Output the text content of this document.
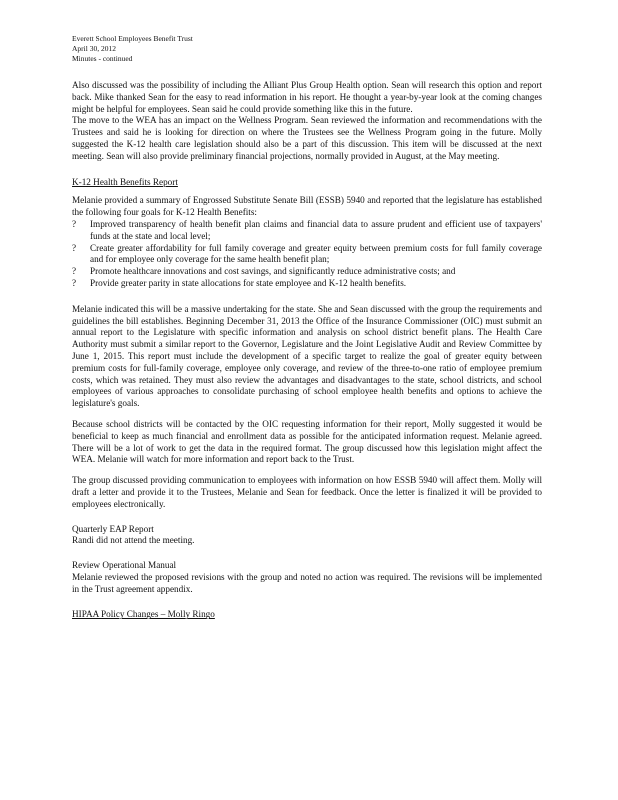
Everett School Employees Benefit Trust
April 30, 2012
Minutes - continued

Also discussed was the possibility of including the Alliant Plus Group Health option. Sean will research this option and report back. Mike thanked Sean for the easy to read information in his report. He thought a year-by-year look at the coming changes might be helpful for employees. Sean said he could provide something like this in the future.

The move to the WEA has an impact on the Wellness Program. Sean reviewed the information and recommendations with the Trustees and said he is looking for direction on where the Trustees see the Wellness Program going in the future. Molly suggested the K-12 health care legislation should also be a part of this discussion. This item will be discussed at the next meeting. Sean will also provide preliminary financial projections, normally provided in August, at the May meeting.

K-12 Health Benefits Report

Melanie provided a summary of Engrossed Substitute Senate Bill (ESSB) 5940 and reported that the legislature has established the following four goals for K-12 Health Benefits:

? Improved transparency of health benefit plan claims and financial data to assure prudent and efficient use of taxpayers' funds at the state and local level;
? Create greater affordability for full family coverage and greater equity between premium costs for full family coverage and for employee only coverage for the same health benefit plan;
? Promote healthcare innovations and cost savings, and significantly reduce administrative costs; and
? Provide greater parity in state allocations for state employee and K-12 health benefits.

Melanie indicated this will be a massive undertaking for the state. She and Sean discussed with the group the requirements and guidelines the bill establishes. Beginning December 31, 2013 the Office of the Insurance Commissioner (OIC) must submit an annual report to the Legislature with specific information and analysis on school district benefit plans. The Health Care Authority must submit a similar report to the Governor, Legislature and the Joint Legislative Audit and Review Committee by June 1, 2015. This report must include the development of a specific target to realize the goal of greater equity between premium costs for full-family coverage, employee only coverage, and review of the three-to-one ratio of employee premium costs, which was retained. They must also review the advantages and disadvantages to the state, school districts, and school employees of various approaches to consolidate purchasing of school employee health benefits and options to achieve the legislature's goals.

Because school districts will be contacted by the OIC requesting information for their report, Molly suggested it would be beneficial to keep as much financial and enrollment data as possible for the anticipated information request. Melanie agreed. There will be a lot of work to get the data in the required format. The group discussed how this legislation might affect the WEA. Melanie will watch for more information and report back to the Trust.

The group discussed providing communication to employees with information on how ESSB 5940 will affect them. Molly will draft a letter and provide it to the Trustees, Melanie and Sean for feedback. Once the letter is finalized it will be provided to employees electronically.

Quarterly EAP Report

Randi did not attend the meeting.

Review Operational Manual

Melanie reviewed the proposed revisions with the group and noted no action was required. The revisions will be implemented in the Trust agreement appendix.

HIPAA Policy Changes – Molly Ringo
